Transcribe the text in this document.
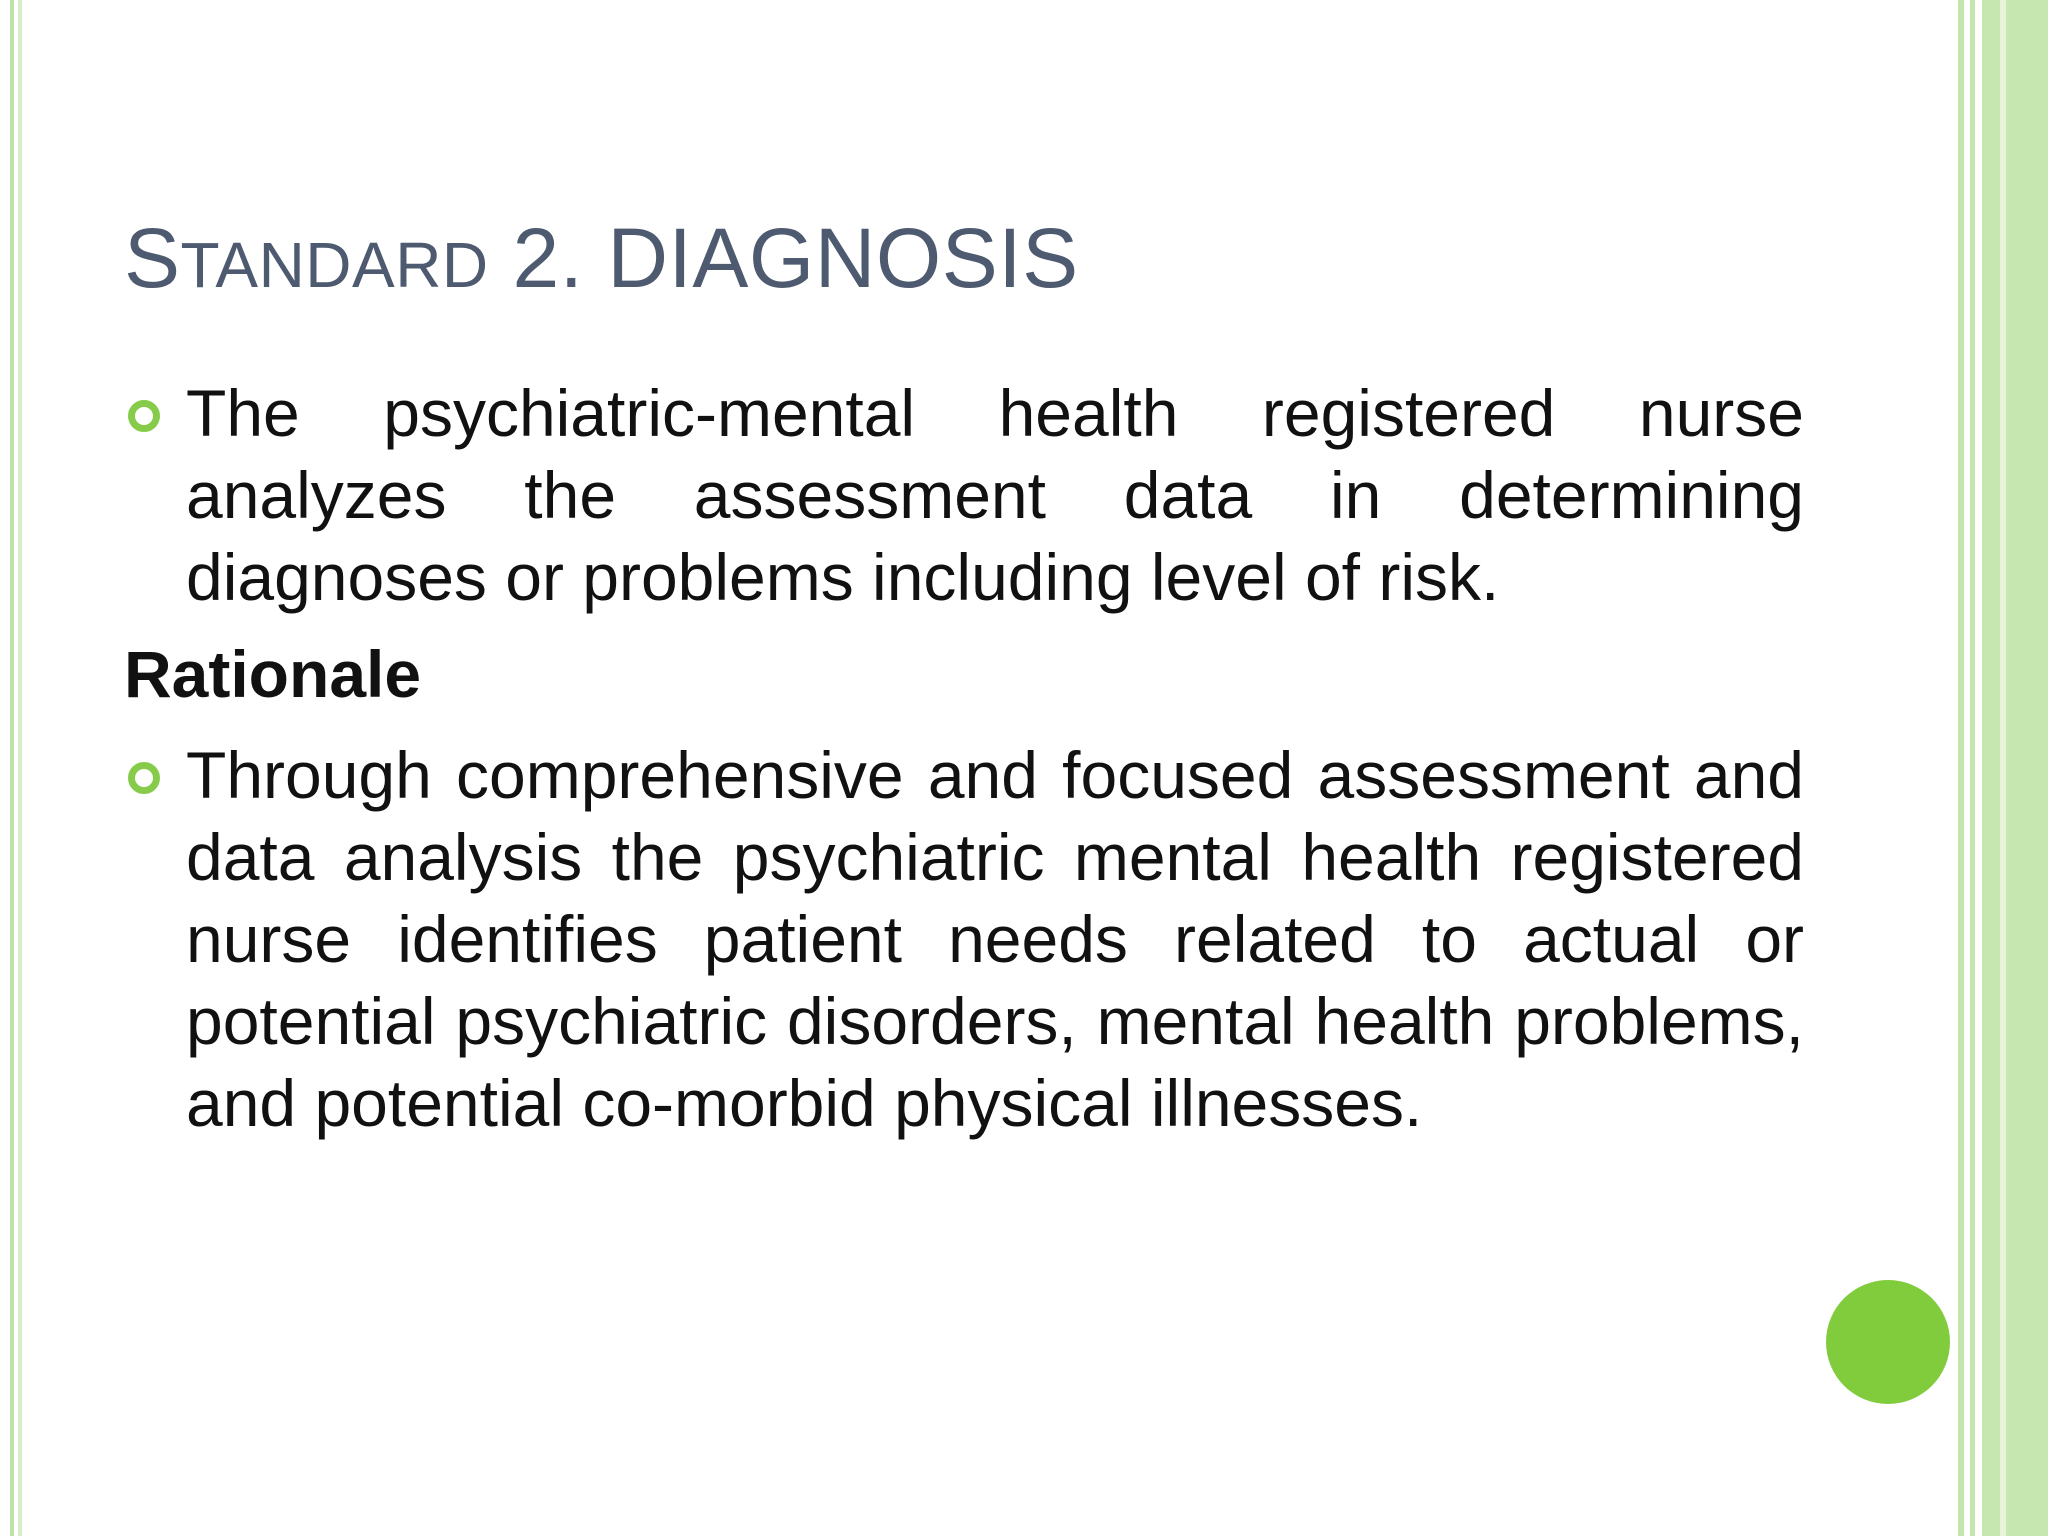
STANDARD 2. DIAGNOSIS
The psychiatric-mental health registered nurse analyzes the assessment data in determining diagnoses or problems including level of risk.
Rationale
Through comprehensive and focused assessment and data analysis the psychiatric mental health registered nurse identifies patient needs related to actual or potential psychiatric disorders, mental health problems, and potential co-morbid physical illnesses.
